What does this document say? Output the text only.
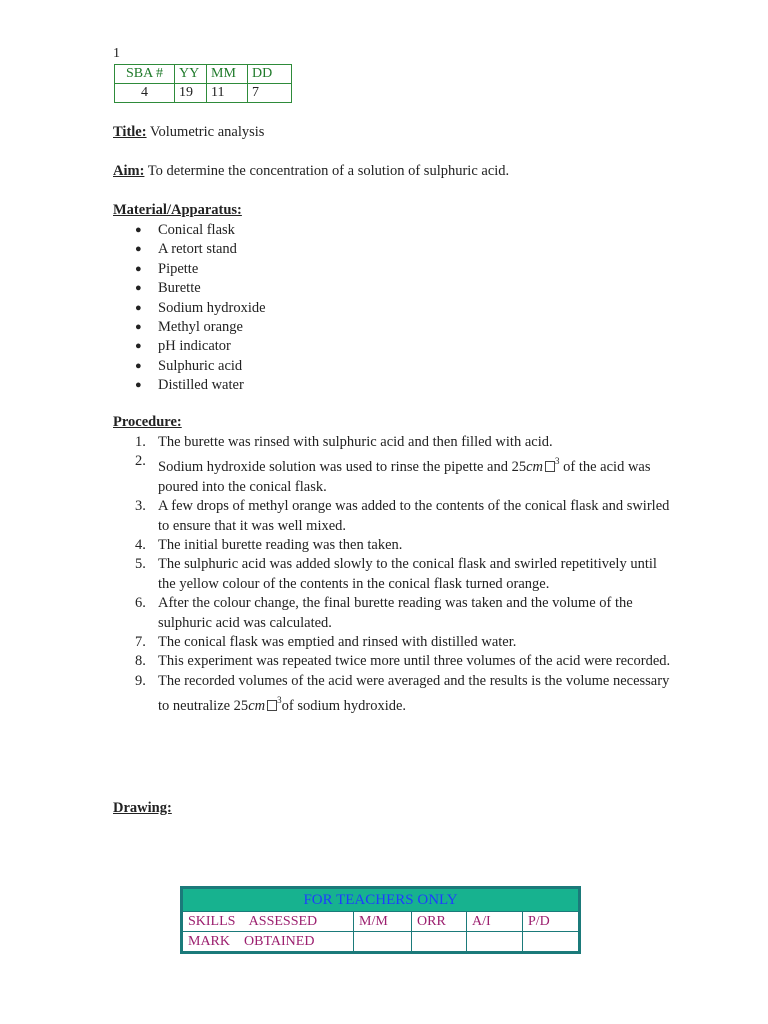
1
SBA #	YY	MM	DD
4	19	11	7
Title: Volumetric analysis
Aim: To determine the concentration of a solution of sulphuric acid.
Material/Apparatus:
● Conical flask
● A retort stand
● Pipette
● Burette
● Sodium hydroxide
● Methyl orange
● pH indicator
● Sulphuric acid
● Distilled water
Procedure:
1. The burette was rinsed with sulphuric acid and then filled with acid.
2. Sodium hydroxide solution was used to rinse the pipette and 25cm $^3$ of the acid was poured into the conical flask.
3. A few drops of methyl orange was added to the contents of the conical flask and swirled to ensure that it was well mixed.
4. The initial burette reading was then taken.
5. The sulphuric acid was added slowly to the conical flask and swirled repetitively until the yellow colour of the contents in the conical flask turned orange.
6. After the colour change, the final burette reading was taken and the volume of the sulphuric acid was calculated.
7. The conical flask was emptied and rinsed with distilled water.
8. This experiment was repeated twice more until three volumes of the acid were recorded.
9. The recorded volumes of the acid were averaged and the results is the volume necessary to neutralize 25cm $^3$of sodium hydroxide.
Drawing:
FOR TEACHERS ONLY				
SKILLS    ASSESSED	M/M	ORR	A/I	P/D
MARK    OBTAINED				
